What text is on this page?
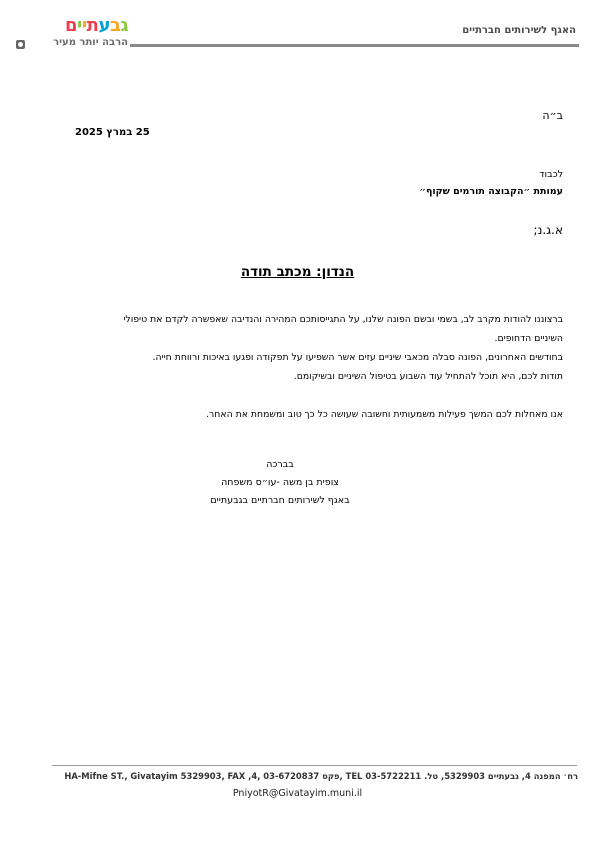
גבעתיים
הרבה יותר מעיר
האגף לשירותים חברתיים
ב״ה
25 במרץ 2025
לכבוד
עמותת ״הקבוצה תורמים שקוף״
א.ג.נ;
הנדון: מכתב תודה
ברצוננו להודות מקרב לב, בשמי ובשם הפונה שלנו, על התגייסותכם המהירה והנדיבה שאפשרה לקדם את טיפולי
השיניים הדחופים.
בחודשים האחרונים, הפונה סבלה מכאבי שיניים עזים אשר השפיעו על תפקודה ופגעו באיכות ורווחת חייה.
תודות לכם, היא תוכל להתחיל עוד השבוע בטיפול השיניים ובשיקומם.
אנו מאחלות לכם המשך פעילות משמעותית וחשובה שעושה כל כך טוב ומשמחת את האחר.
בברכה
צופית בן משה -עו״ס משפחה
באגף לשירותים חברתיים בגבעתיים
רח׳ המפנה 4, גבעתיים 5329903, טל. 03-5722211 TEL ,פקס 03-6720837 ,4, HA-Mifne ST., Givatayim 5329903, FAX
PniyotR@Givatayim.muni.il
